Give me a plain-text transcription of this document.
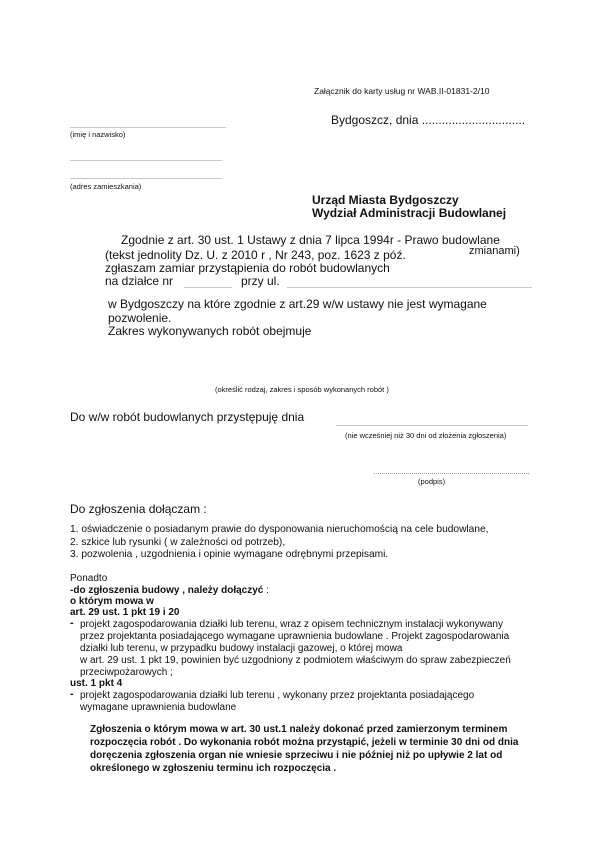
Załącznik do karty usług nr WAB.II-01831-2/10
Bydgoszcz, dnia ...............................
(imię i nazwisko)
(adres zamieszkania)
Urząd Miasta Bydgoszczy
Wydział Administracji Budowlanej
Zgodnie z art. 30 ust. 1 Ustawy z dnia 7 lipca 1994r - Prawo budowlane
(tekst jednolity Dz. U. z 2010 r , Nr 243, poz. 1623 z póź.	zmianami)
zgłaszam zamiar przystąpienia do robót budowlanych
na działce nr	przy ul.
w Bydgoszczy na które zgodnie z art.29 w/w ustawy nie jest wymagane
pozwolenie.
Zakres wykonywanych robót obejmuje
(określić rodzaj, zakres i sposób wykonanych robót )
Do w/w robót budowlanych przystępuję dnia
(nie wcześniej niż 30 dni od złożenia zgłoszenia)
(podpis)
Do zgłoszenia dołączam :
1. oświadczenie o posiadanym prawie do dysponowania nieruchomością na cele budowlane,
2. szkice lub rysunki ( w zależności od potrzeb),
3. pozwolenia , uzgodnienia i opinie wymagane odrębnymi przepisami.
Ponadto
-do zgłoszenia budowy , należy dołączyć :
o którym mowa w
art. 29 ust. 1 pkt 19 i 20
- projekt zagospodarowania działki lub terenu, wraz z opisem technicznym instalacji wykonywany
przez projektanta posiadającego wymagane uprawnienia budowlane . Projekt zagospodarowania
działki lub terenu, w przypadku budowy instalacji gazowej, o której mowa
w art. 29 ust. 1 pkt 19, powinien być uzgodniony z podmiotem właściwym do spraw zabezpieczeń
przeciwpożarowych ;
ust. 1 pkt 4
- projekt zagospodarowania działki lub terenu , wykonany przez projektanta posiadającego
wymagane uprawnienia budowlane
Zgłoszenia o którym mowa w art. 30 ust.1 należy dokonać przed zamierzonym terminem
rozpoczęcia robót . Do wykonania robót można przystąpić, jeżeli w terminie 30 dni od dnia
doręczenia zgłoszenia organ nie wniesie sprzeciwu i nie później niż po upływie 2 lat od
określonego w zgłoszeniu terminu ich rozpoczęcia .
